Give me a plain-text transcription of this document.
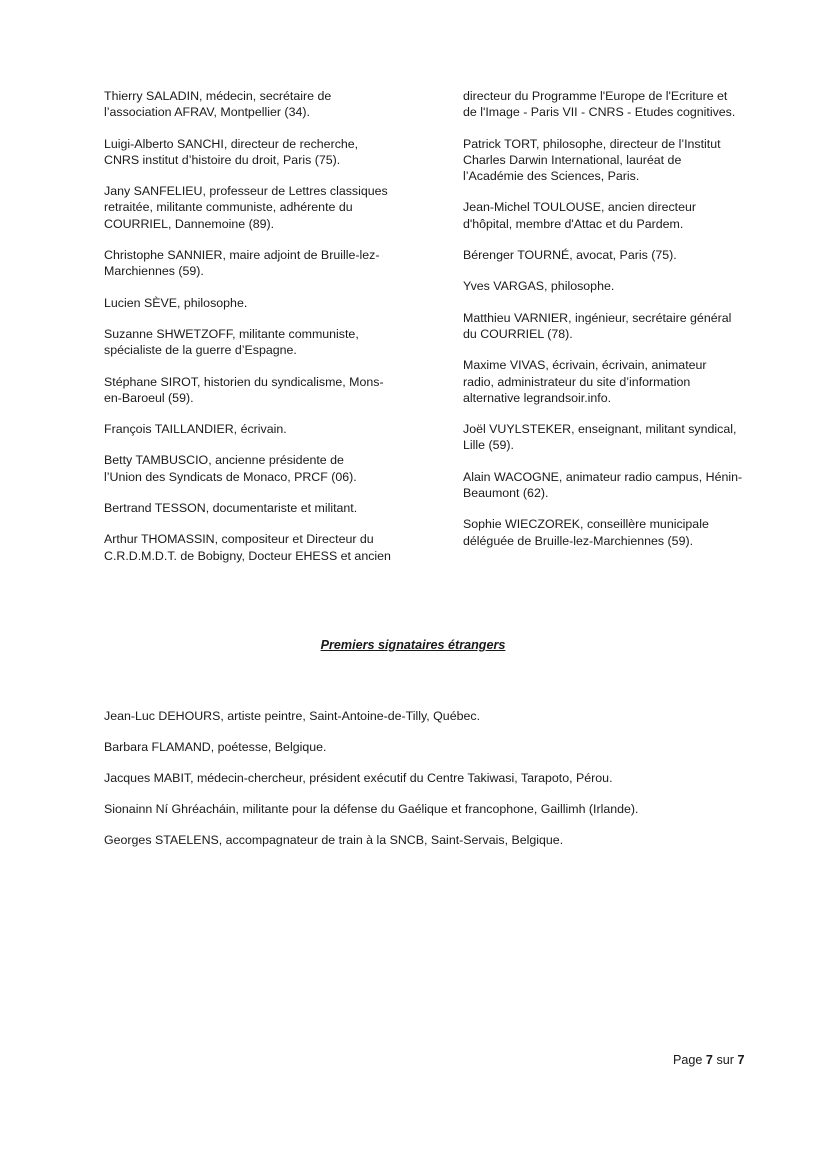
Thierry SALADIN, médecin, secrétaire de
l’association AFRAV, Montpellier (34).

Luigi-Alberto SANCHI, directeur de recherche,
CNRS institut d’histoire du droit, Paris (75).

Jany SANFELIEU, professeur de Lettres classiques
retraitée, militante communiste, adhérente du
COURRIEL, Dannemoine (89).

Christophe SANNIER, maire adjoint de Bruille-lez-
Marchiennes (59).

Lucien SÈVE, philosophe.

Suzanne SHWETZOFF, militante communiste,
spécialiste de la guerre d’Espagne.

Stéphane SIROT, historien du syndicalisme, Mons-
en-Baroeul (59).

François TAILLANDIER, écrivain.

Betty TAMBUSCIO, ancienne présidente de
l’Union des Syndicats de Monaco, PRCF (06).

Bertrand TESSON, documentariste et militant.

Arthur THOMASSIN, compositeur et Directeur du
C.R.D.M.D.T. de Bobigny, Docteur EHESS et ancien

directeur du Programme l'Europe de l'Ecriture et
de l'Image - Paris VII - CNRS - Etudes cognitives.

Patrick TORT, philosophe, directeur de l’Institut
Charles Darwin International, lauréat de
l’Académie des Sciences, Paris.

Jean-Michel TOULOUSE, ancien directeur
d'hôpital, membre d'Attac et du Pardem.

Bérenger TOURNÉ, avocat, Paris (75).

Yves VARGAS, philosophe.

Matthieu VARNIER, ingénieur, secrétaire général
du COURRIEL (78).

Maxime VIVAS, écrivain, écrivain, animateur
radio, administrateur du site d’information
alternative legrandsoir.info.

Joël VUYLSTEKER, enseignant, militant syndical,
Lille (59).

Alain WACOGNE, animateur radio campus, Hénin-
Beaumont (62).

Sophie WIECZOREK, conseillère municipale
déléguée de Bruille-lez-Marchiennes (59).

Premiers signataires étrangers

Jean-Luc DEHOURS, artiste peintre, Saint-Antoine-de-Tilly, Québec.

Barbara FLAMAND, poétesse, Belgique.

Jacques MABIT, médecin-chercheur, président exécutif du Centre Takiwasi, Tarapoto, Pérou.

Sionainn Ní Ghréacháin, militante pour la défense du Gaélique et francophone, Gaillimh (Irlande).

Georges STAELENS, accompagnateur de train à la SNCB, Saint-Servais, Belgique.

Page 7 sur 7
